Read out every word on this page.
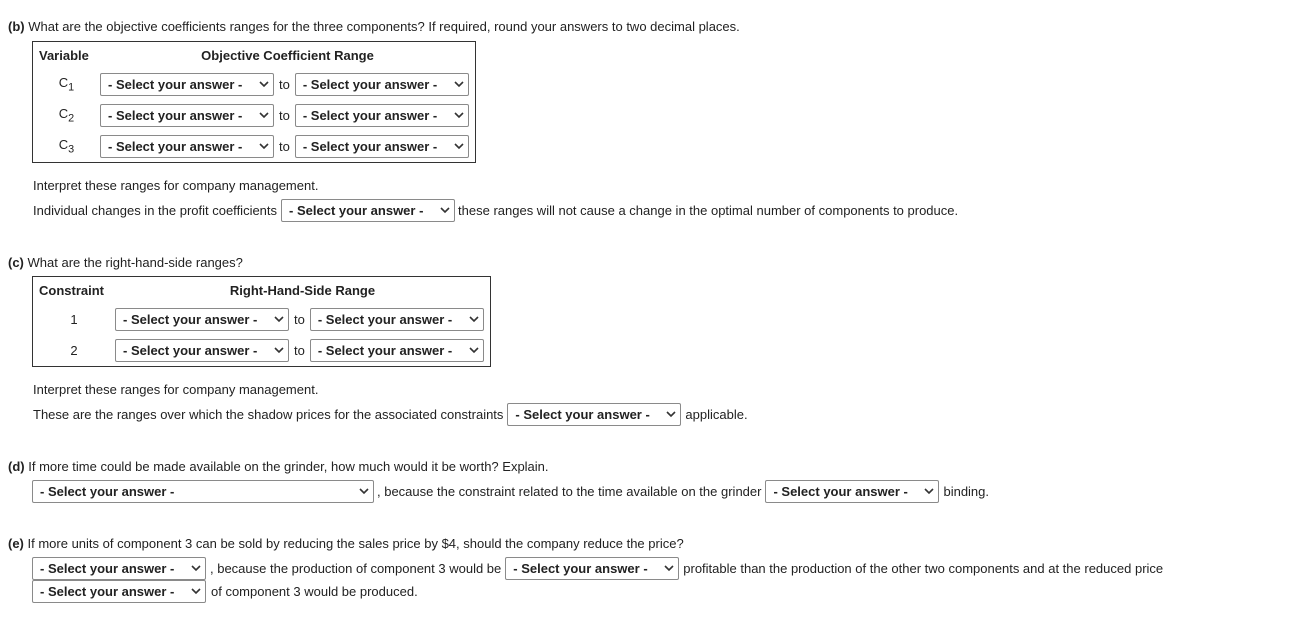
(b) What are the objective coefficients ranges for the three components? If required, round your answers to two decimal places.
Variable	Objective Coefficient Range
$C_1$	- Select your answer - to - Select your answer -

$C_2$	- Select your answer - to - Select your answer -

$C_3$	- Select your answer - to - Select your answer -
Interpret these ranges for company management.
Individual changes in the profit coefficients - Select your answer -	these ranges will not cause a change in the optimal number of components to produce.
(c) What are the right-hand-side ranges?
Constraint	Right-Hand-Side Range
1	- Select your answer - to - Select your answer -

2	- Select your answer - to - Select your answer -
Interpret these ranges for company management.
These are the ranges over which the shadow prices for the associated constraints - Select your answer -	applicable.
(d) If more time could be made available on the grinder, how much would it be worth? Explain.
- Select your answer -	, because the constraint related to the time available on the grinder - Select your answer -	binding.
(e) If more units of component 3 can be sold by reducing the sales price by $4, should the company reduce the price?
- Select your answer -	, because the production of component 3 would be - Select your answer -	profitable than the production of the other two components and at the reduced price
- Select your answer -	of component 3 would be produced.
